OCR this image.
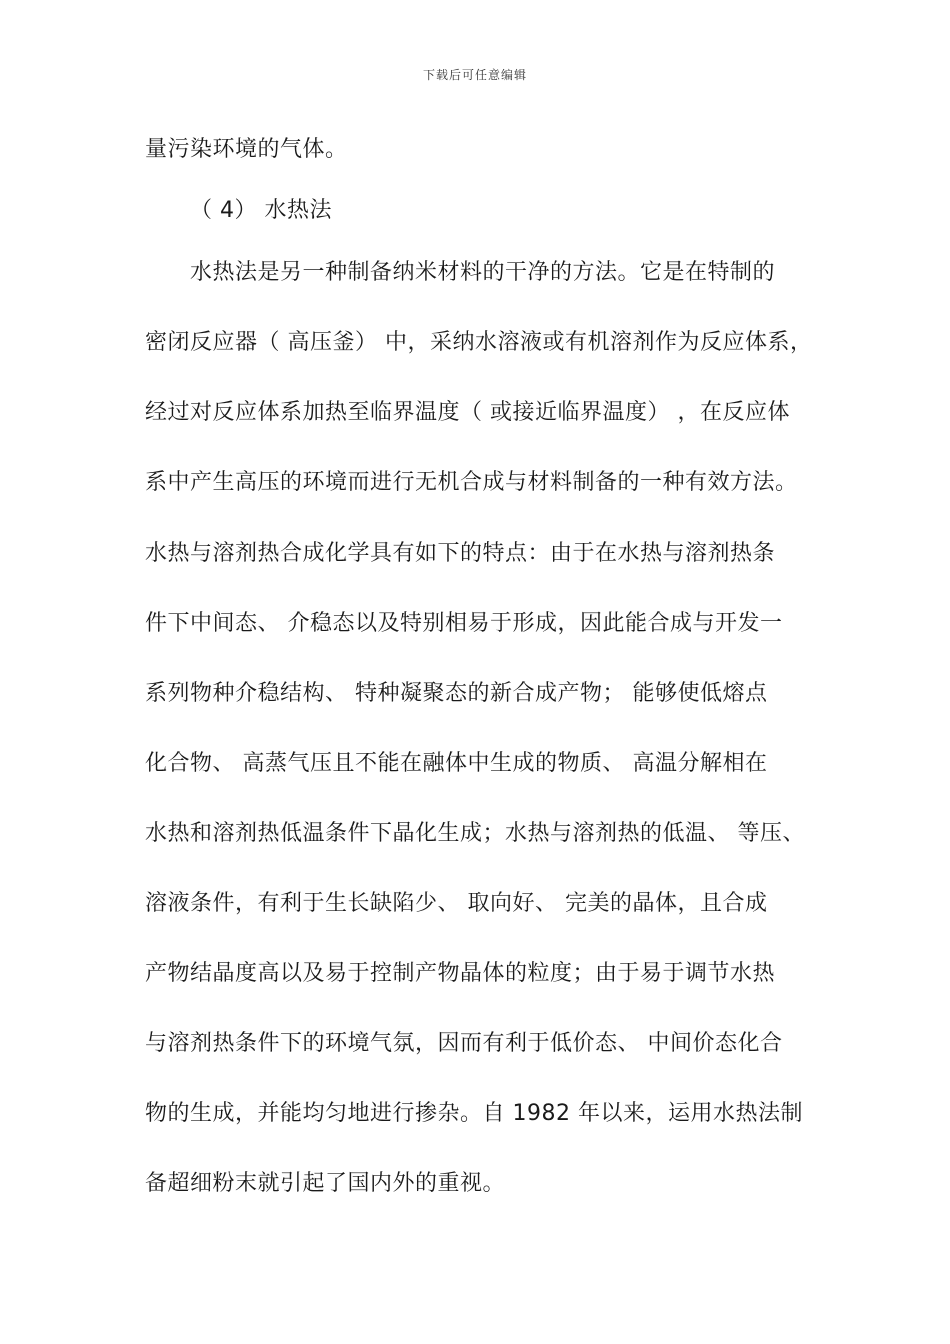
下载后可任意编辑
量污染环境的气体。
（ 4） 水热法
水热法是另一种制备纳米材料的干净的方法。它是在特制的
密闭反应器（ 高压釜） 中，采纳水溶液或有机溶剂作为反应体系，
经过对反应体系加热至临界温度（ 或接近临界温度） ，在反应体
系中产生高压的环境而进行无机合成与材料制备的一种有效方法。
水热与溶剂热合成化学具有如下的特点：由于在水热与溶剂热条
件下中间态、 介稳态以及特别相易于形成，因此能合成与开发一
系列物种介稳结构、 特种凝聚态的新合成产物； 能够使低熔点
化合物、 高蒸气压且不能在融体中生成的物质、 高温分解相在
水热和溶剂热低温条件下晶化生成；水热与溶剂热的低温、 等压、
溶液条件，有利于生长缺陷少、 取向好、 完美的晶体，且合成
产物结晶度高以及易于控制产物晶体的粒度；由于易于调节水热
与溶剂热条件下的环境气氛，因而有利于低价态、 中间价态化合
物的生成，并能均匀地进行掺杂。自 1982 年以来，运用水热法制
备超细粉末就引起了国内外的重视。
